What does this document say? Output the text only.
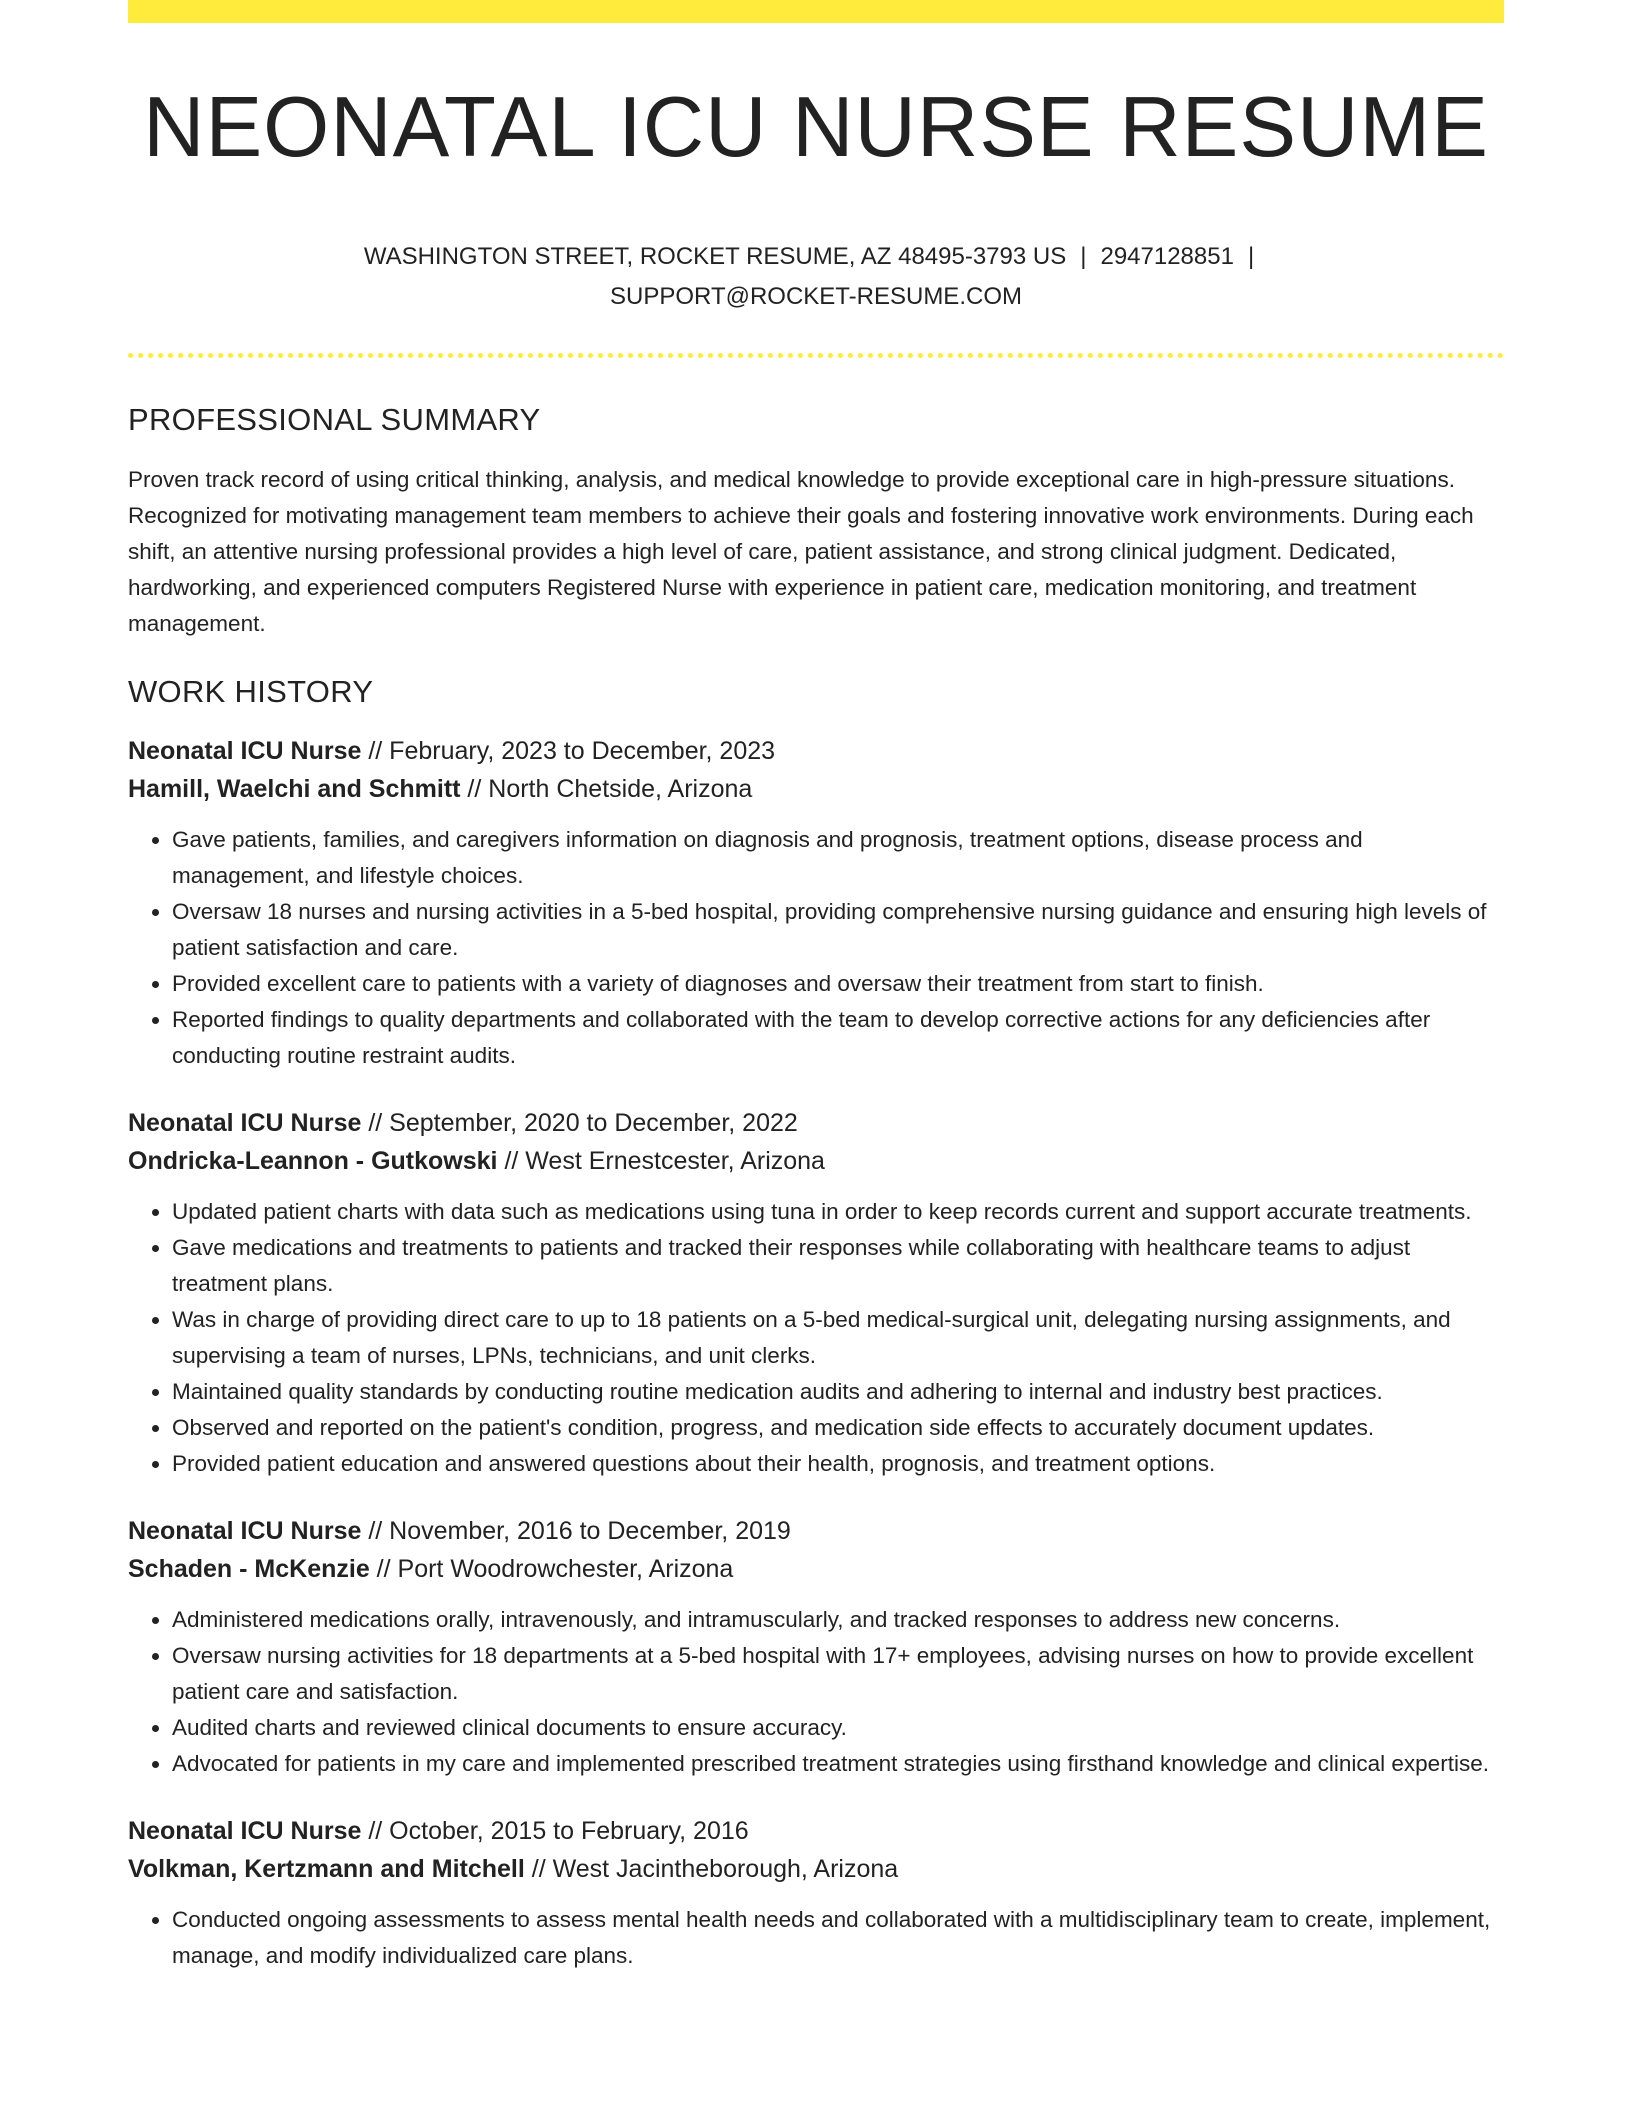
NEONATAL ICU NURSE RESUME
WASHINGTON STREET, ROCKET RESUME, AZ 48495-3793 US | 2947128851 |
SUPPORT@ROCKET-RESUME.COM
PROFESSIONAL SUMMARY

Proven track record of using critical thinking, analysis, and medical knowledge to provide exceptional care in high-pressure situations. Recognized for motivating management team members to achieve their goals and fostering innovative work environments. During each shift, an attentive nursing professional provides a high level of care, patient assistance, and strong clinical judgment. Dedicated, hardworking, and experienced computers Registered Nurse with experience in patient care, medication monitoring, and treatment management.

WORK HISTORY
Neonatal ICU Nurse // February, 2023 to December, 2023
Hamill, Waelchi and Schmitt // North Chetside, Arizona
• Gave patients, families, and caregivers information on diagnosis and prognosis, treatment options, disease process and management, and lifestyle choices.
• Oversaw 18 nurses and nursing activities in a 5-bed hospital, providing comprehensive nursing guidance and ensuring high levels of patient satisfaction and care.
• Provided excellent care to patients with a variety of diagnoses and oversaw their treatment from start to finish.
• Reported findings to quality departments and collaborated with the team to develop corrective actions for any deficiencies after conducting routine restraint audits.
Neonatal ICU Nurse // September, 2020 to December, 2022
Ondricka-Leannon - Gutkowski // West Ernestcester, Arizona
• Updated patient charts with data such as medications using tuna in order to keep records current and support accurate treatments.
• Gave medications and treatments to patients and tracked their responses while collaborating with healthcare teams to adjust treatment plans.
• Was in charge of providing direct care to up to 18 patients on a 5-bed medical-surgical unit, delegating nursing assignments, and supervising a team of nurses, LPNs, technicians, and unit clerks.
• Maintained quality standards by conducting routine medication audits and adhering to internal and industry best practices.
• Observed and reported on the patient's condition, progress, and medication side effects to accurately document updates.
• Provided patient education and answered questions about their health, prognosis, and treatment options.
Neonatal ICU Nurse // November, 2016 to December, 2019
Schaden - McKenzie // Port Woodrowchester, Arizona
• Administered medications orally, intravenously, and intramuscularly, and tracked responses to address new concerns.
• Oversaw nursing activities for 18 departments at a 5-bed hospital with 17+ employees, advising nurses on how to provide excellent patient care and satisfaction.
• Audited charts and reviewed clinical documents to ensure accuracy.
• Advocated for patients in my care and implemented prescribed treatment strategies using firsthand knowledge and clinical expertise.
Neonatal ICU Nurse // October, 2015 to February, 2016
Volkman, Kertzmann and Mitchell // West Jacintheborough, Arizona
• Conducted ongoing assessments to assess mental health needs and collaborated with a multidisciplinary team to create, implement, manage, and modify individualized care plans.
